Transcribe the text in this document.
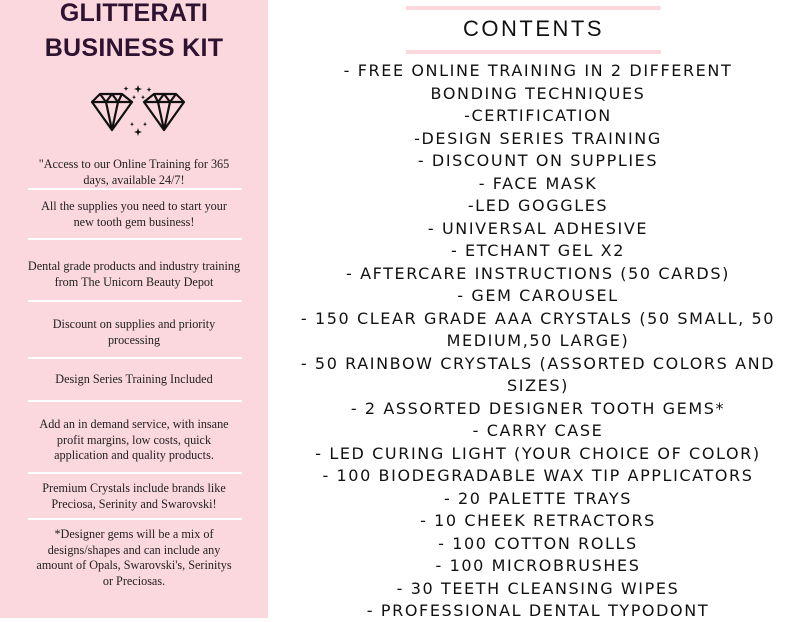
GLITTERATI
BUSINESS KIT
"Access to our Online Training for 365
days, available 24/7!
All the supplies you need to start your
new tooth gem business!
Dental grade products and industry training
from The Unicorn Beauty Depot
Discount on supplies and priority
processing
Design Series Training Included
Add an in demand service, with insane
profit margins, low costs, quick
application and quality products.
Premium Crystals include brands like
Preciosa, Serinity and Swarovski!
*Designer gems will be a mix of
designs/shapes and can include any
amount of Opals, Swarovski's, Serinitys
or Preciosas.
CONTENTS
- FREE ONLINE TRAINING IN 2 DIFFERENT
BONDING TECHNIQUES
-CERTIFICATION
-DESIGN SERIES TRAINING
- DISCOUNT ON SUPPLIES
- FACE MASK
-LED GOGGLES
- UNIVERSAL ADHESIVE
- ETCHANT GEL X2
- AFTERCARE INSTRUCTIONS (50 CARDS)
- GEM CAROUSEL
- 150 CLEAR GRADE AAA CRYSTALS (50 SMALL, 50
MEDIUM,50 LARGE)
- 50 RAINBOW CRYSTALS (ASSORTED COLORS AND
SIZES)
- 2 ASSORTED DESIGNER TOOTH GEMS*
- CARRY CASE
- LED CURING LIGHT (YOUR CHOICE OF COLOR)
- 100 BIODEGRADABLE WAX TIP APPLICATORS
- 20 PALETTE TRAYS
- 10 CHEEK RETRACTORS
- 100 COTTON ROLLS
- 100 MICROBRUSHES
- 30 TEETH CLEANSING WIPES
- PROFESSIONAL DENTAL TYPODONT
